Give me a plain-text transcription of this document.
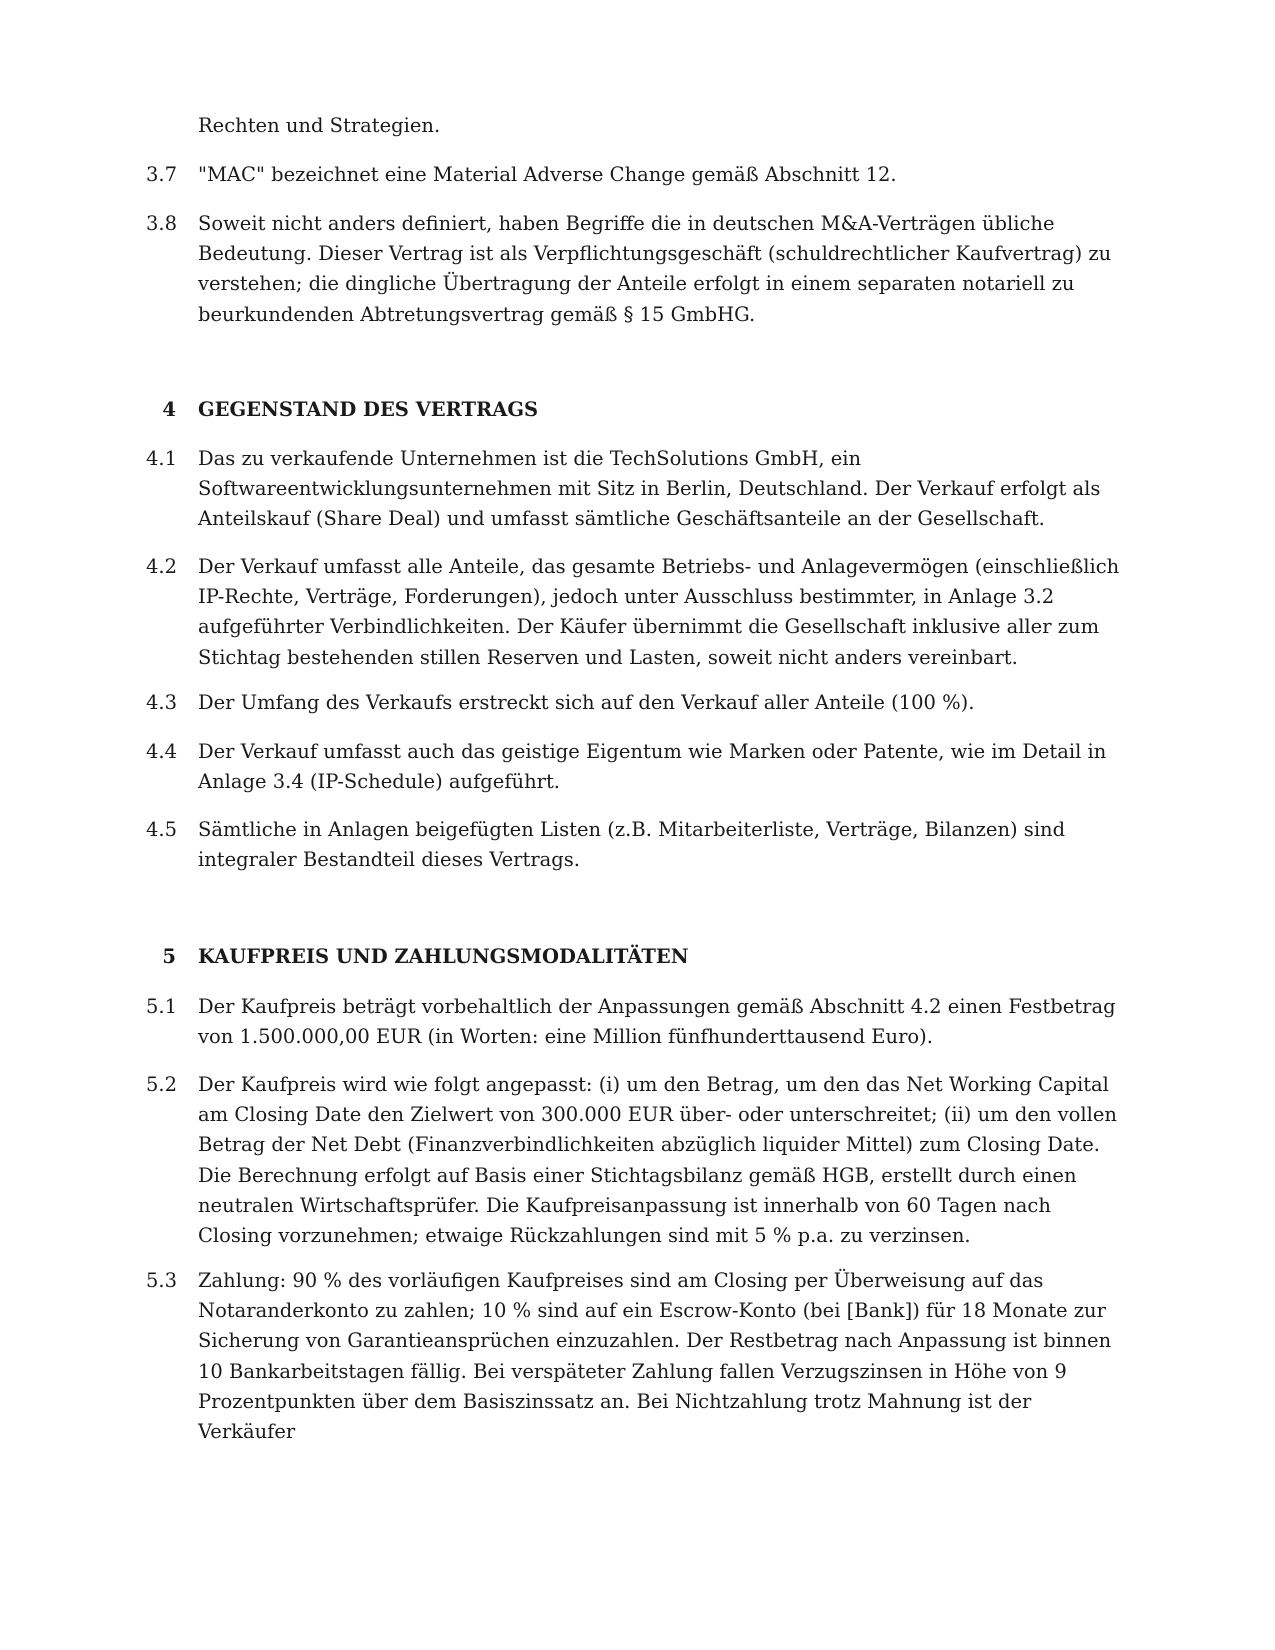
Rechten und Strategien.
3.7	"MAC" bezeichnet eine Material Adverse Change gemäß Abschnitt 12.
3.8	Soweit nicht anders definiert, haben Begriffe die in deutschen M&A-Verträgen übliche Bedeutung. Dieser Vertrag ist als Verpflichtungsgeschäft (schuldrechtlicher Kaufvertrag) zu verstehen; die dingliche Übertragung der Anteile erfolgt in einem separaten notariell zu beurkundenden Abtretungsvertrag gemäß § 15 GmbHG.
4 GEGENSTAND DES VERTRAGS
4.1	Das zu verkaufende Unternehmen ist die TechSolutions GmbH, ein Softwareentwicklungsunternehmen mit Sitz in Berlin, Deutschland. Der Verkauf erfolgt als Anteilskauf (Share Deal) und umfasst sämtliche Geschäftsanteile an der Gesellschaft.
4.2	Der Verkauf umfasst alle Anteile, das gesamte Betriebs- und Anlagevermögen (einschließlich IP-Rechte, Verträge, Forderungen), jedoch unter Ausschluss bestimmter, in Anlage 3.2 aufgeführter Verbindlichkeiten. Der Käufer übernimmt die Gesellschaft inklusive aller zum Stichtag bestehenden stillen Reserven und Lasten, soweit nicht anders vereinbart.
4.3	Der Umfang des Verkaufs erstreckt sich auf den Verkauf aller Anteile (100 %).
4.4	Der Verkauf umfasst auch das geistige Eigentum wie Marken oder Patente, wie im Detail in Anlage 3.4 (IP-Schedule) aufgeführt.
4.5	Sämtliche in Anlagen beigefügten Listen (z.B. Mitarbeiterliste, Verträge, Bilanzen) sind integraler Bestandteil dieses Vertrags.
5 KAUFPREIS UND ZAHLUNGSMODALITÄTEN
5.1	Der Kaufpreis beträgt vorbehaltlich der Anpassungen gemäß Abschnitt 4.2 einen Festbetrag von 1.500.000,00 EUR (in Worten: eine Million fünfhunderttausend Euro).
5.2	Der Kaufpreis wird wie folgt angepasst: (i) um den Betrag, um den das Net Working Capital am Closing Date den Zielwert von 300.000 EUR über- oder unterschreitet; (ii) um den vollen Betrag der Net Debt (Finanzverbindlichkeiten abzüglich liquider Mittel) zum Closing Date. Die Berechnung erfolgt auf Basis einer Stichtagsbilanz gemäß HGB, erstellt durch einen neutralen Wirtschaftsprüfer. Die Kaufpreisanpassung ist innerhalb von 60 Tagen nach Closing vorzunehmen; etwaige Rückzahlungen sind mit 5 % p.a. zu verzinsen.
5.3	Zahlung: 90 % des vorläufigen Kaufpreises sind am Closing per Überweisung auf das Notaranderkonto zu zahlen; 10 % sind auf ein Escrow-Konto (bei [Bank]) für 18 Monate zur Sicherung von Garantieansprüchen einzuzahlen. Der Restbetrag nach Anpassung ist binnen 10 Bankarbeitstagen fällig. Bei verspäteter Zahlung fallen Verzugszinsen in Höhe von 9 Prozentpunkten über dem Basiszinssatz an. Bei Nichtzahlung trotz Mahnung ist der Verkäufer
